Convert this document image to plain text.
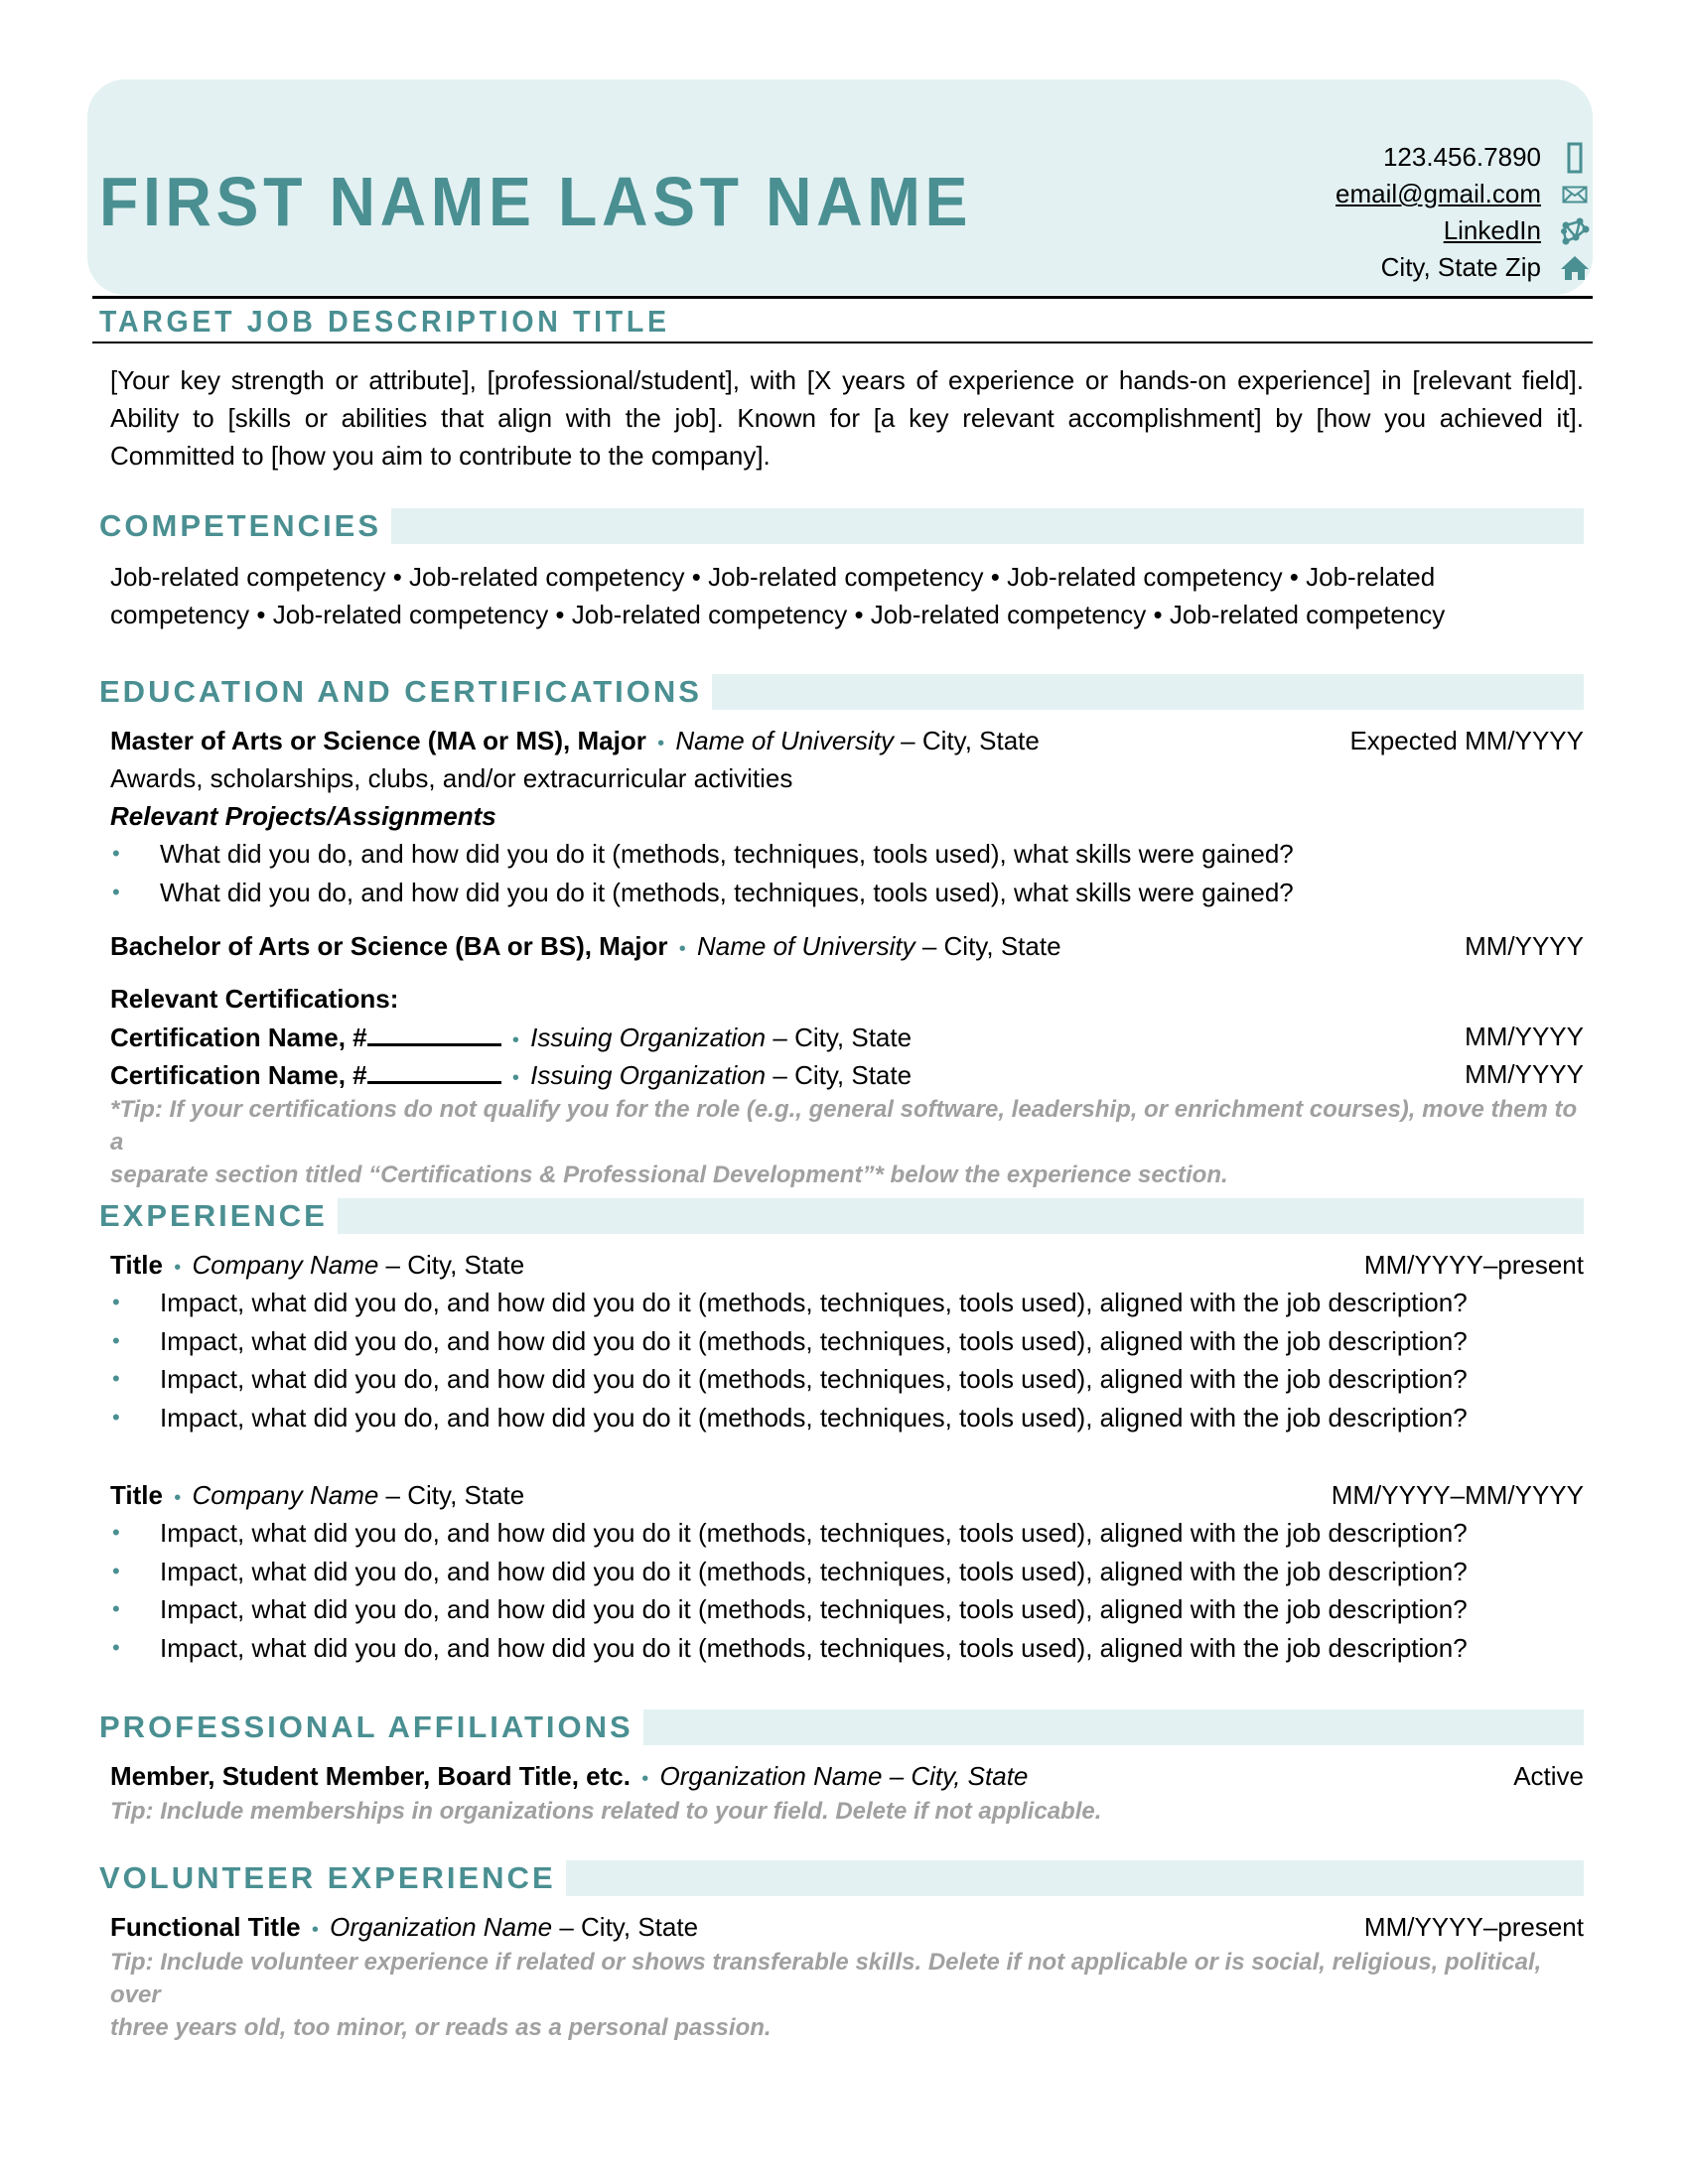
FIRST NAME LAST NAME
123.456.7890
email@gmail.com
LinkedIn
City, State Zip
TARGET JOB DESCRIPTION TITLE
[Your key strength or attribute], [professional/student], with [X years of experience or hands-on experience] in [relevant field]. Ability to [skills or abilities that align with the job]. Known for [a key relevant accomplishment] by [how you achieved it]. Committed to [how you aim to contribute to the company].
COMPETENCIES
Job-related competency • Job-related competency • Job-related competency • Job-related competency • Job-related
competency • Job-related competency • Job-related competency • Job-related competency • Job-related competency
EDUCATION AND CERTIFICATIONS
Master of Arts or Science (MA or MS), Major • Name of University – City, State	Expected MM/YYYY
Awards, scholarships, clubs, and/or extracurricular activities
Relevant Projects/Assignments
• What did you do, and how did you do it (methods, techniques, tools used), what skills were gained?
• What did you do, and how did you do it (methods, techniques, tools used), what skills were gained?
Bachelor of Arts or Science (BA or BS), Major • Name of University – City, State	MM/YYYY
Relevant Certifications:
Certification Name, #	• Issuing Organization – City, State	MM/YYYY
Certification Name, #	• Issuing Organization – City, State	MM/YYYY
*Tip: If your certifications do not qualify you for the role (e.g., general software, leadership, or enrichment courses), move them to a
separate section titled “Certifications & Professional Development”* below the experience section.
EXPERIENCE
Title • Company Name – City, State	MM/YYYY–present
• Impact, what did you do, and how did you do it (methods, techniques, tools used), aligned with the job description?
• Impact, what did you do, and how did you do it (methods, techniques, tools used), aligned with the job description?
• Impact, what did you do, and how did you do it (methods, techniques, tools used), aligned with the job description?
• Impact, what did you do, and how did you do it (methods, techniques, tools used), aligned with the job description?
Title • Company Name – City, State	MM/YYYY–MM/YYYY
• Impact, what did you do, and how did you do it (methods, techniques, tools used), aligned with the job description?
• Impact, what did you do, and how did you do it (methods, techniques, tools used), aligned with the job description?
• Impact, what did you do, and how did you do it (methods, techniques, tools used), aligned with the job description?
• Impact, what did you do, and how did you do it (methods, techniques, tools used), aligned with the job description?
PROFESSIONAL AFFILIATIONS
Member, Student Member, Board Title, etc. • Organization Name – City, State	Active
Tip: Include memberships in organizations related to your field. Delete if not applicable.
VOLUNTEER EXPERIENCE
Functional Title • Organization Name – City, State	MM/YYYY–present
Tip: Include volunteer experience if related or shows transferable skills. Delete if not applicable or is social, religious, political, over
three years old, too minor, or reads as a personal passion.
